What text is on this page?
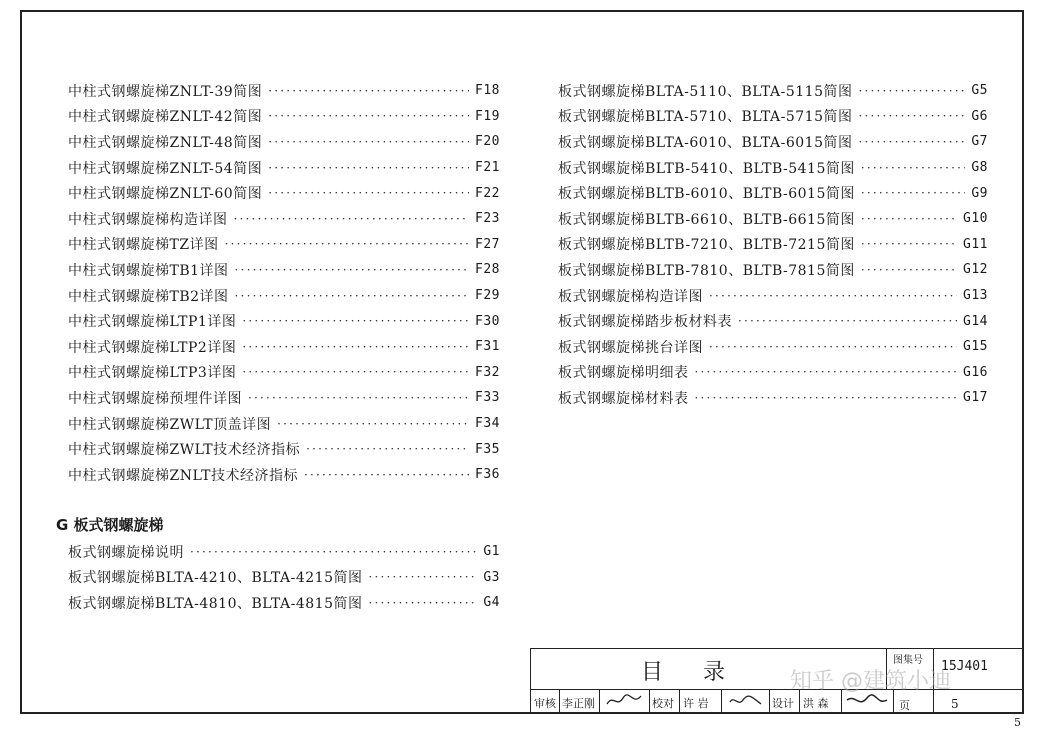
中柱式钢螺旋梯ZNLT-39简图 ·····	F18
中柱式钢螺旋梯ZNLT-42简图 ·····	F19
中柱式钢螺旋梯ZNLT-48简图 ·····	F20
中柱式钢螺旋梯ZNLT-54简图 ·····	F21
中柱式钢螺旋梯ZNLT-60简图 ·····	F22
中柱式钢螺旋梯构造详图 ·····	F23
中柱式钢螺旋梯TZ详图 ·····	F27
中柱式钢螺旋梯TB1详图 ·····	F28
中柱式钢螺旋梯TB2详图 ·····	F29
中柱式钢螺旋梯LTP1详图 ·····	F30
中柱式钢螺旋梯LTP2详图 ·····	F31
中柱式钢螺旋梯LTP3详图 ·····	F32
中柱式钢螺旋梯预埋件详图 ·····	F33
中柱式钢螺旋梯ZWLT顶盖详图 ·····	F34
中柱式钢螺旋梯ZWLT技术经济指标 ·····	F35
中柱式钢螺旋梯ZNLT技术经济指标 ·····	F36
G 板式钢螺旋梯
板式钢螺旋梯说明 ·····	G1
板式钢螺旋梯BLTA-4210、BLTA-4215简图 ·····	G3
板式钢螺旋梯BLTA-4810、BLTA-4815简图 ·····	G4
板式钢螺旋梯BLTA-5110、BLTA-5115简图 ·····	G5
板式钢螺旋梯BLTA-5710、BLTA-5715简图 ·····	G6
板式钢螺旋梯BLTA-6010、BLTA-6015简图 ·····	G7
板式钢螺旋梯BLTB-5410、BLTB-5415简图 ·····	G8
板式钢螺旋梯BLTB-6010、BLTB-6015简图 ·····	G9
板式钢螺旋梯BLTB-6610、BLTB-6615简图 ·····	G10
板式钢螺旋梯BLTB-7210、BLTB-7215简图 ·····	G11
板式钢螺旋梯BLTB-7810、BLTB-7815简图 ·····	G12
板式钢螺旋梯构造详图 ·····	G13
板式钢螺旋梯踏步板材料表 ·····	G14
板式钢螺旋梯挑台详图 ·····	G15
板式钢螺旋梯明细表 ·····	G16
板式钢螺旋梯材料表 ·····	G17
目录	图集号 15J401
审核 李正刚	校对 许 岩	设计 洪 森	页	5
知乎 @建筑小迪
5
